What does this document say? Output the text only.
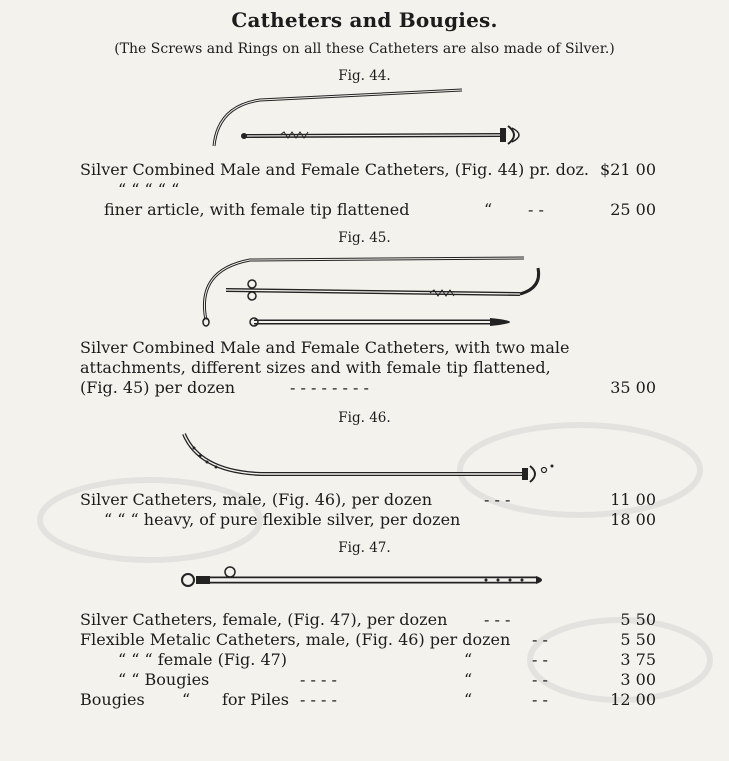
Catheters and Bougies.
(The Screws and Rings on all these Catheters are also made of Silver.)
Fig. 44.
Silver Combined Male and Female Catheters, (Fig. 44) pr. doz. $21 00
“ “ “ “ “
finer article, with female tip flattened	“ - -	25 00
Fig. 45.
Silver Combined Male and Female Catheters, with two male
attachments, different sizes and with female tip flattened,
(Fig. 45) per dozen	- - - - - - - -	35 00
Fig. 46.
Silver Catheters, male, (Fig. 46), per dozen	- - -	11 00
“ “ “ heavy, of pure flexible silver, per dozen	18 00
Fig. 47.
Silver Catheters, female, (Fig. 47), per dozen - - -	5 50
Flexible Metalic Catheters, male, (Fig. 46) per dozen - -	5 50
“ “ “ female (Fig. 47)	“	- -	3 75
“ “ Bougies	- - - -	“	- -	3 00
Bougies “ for Piles - - - -	“	- -	12 00
